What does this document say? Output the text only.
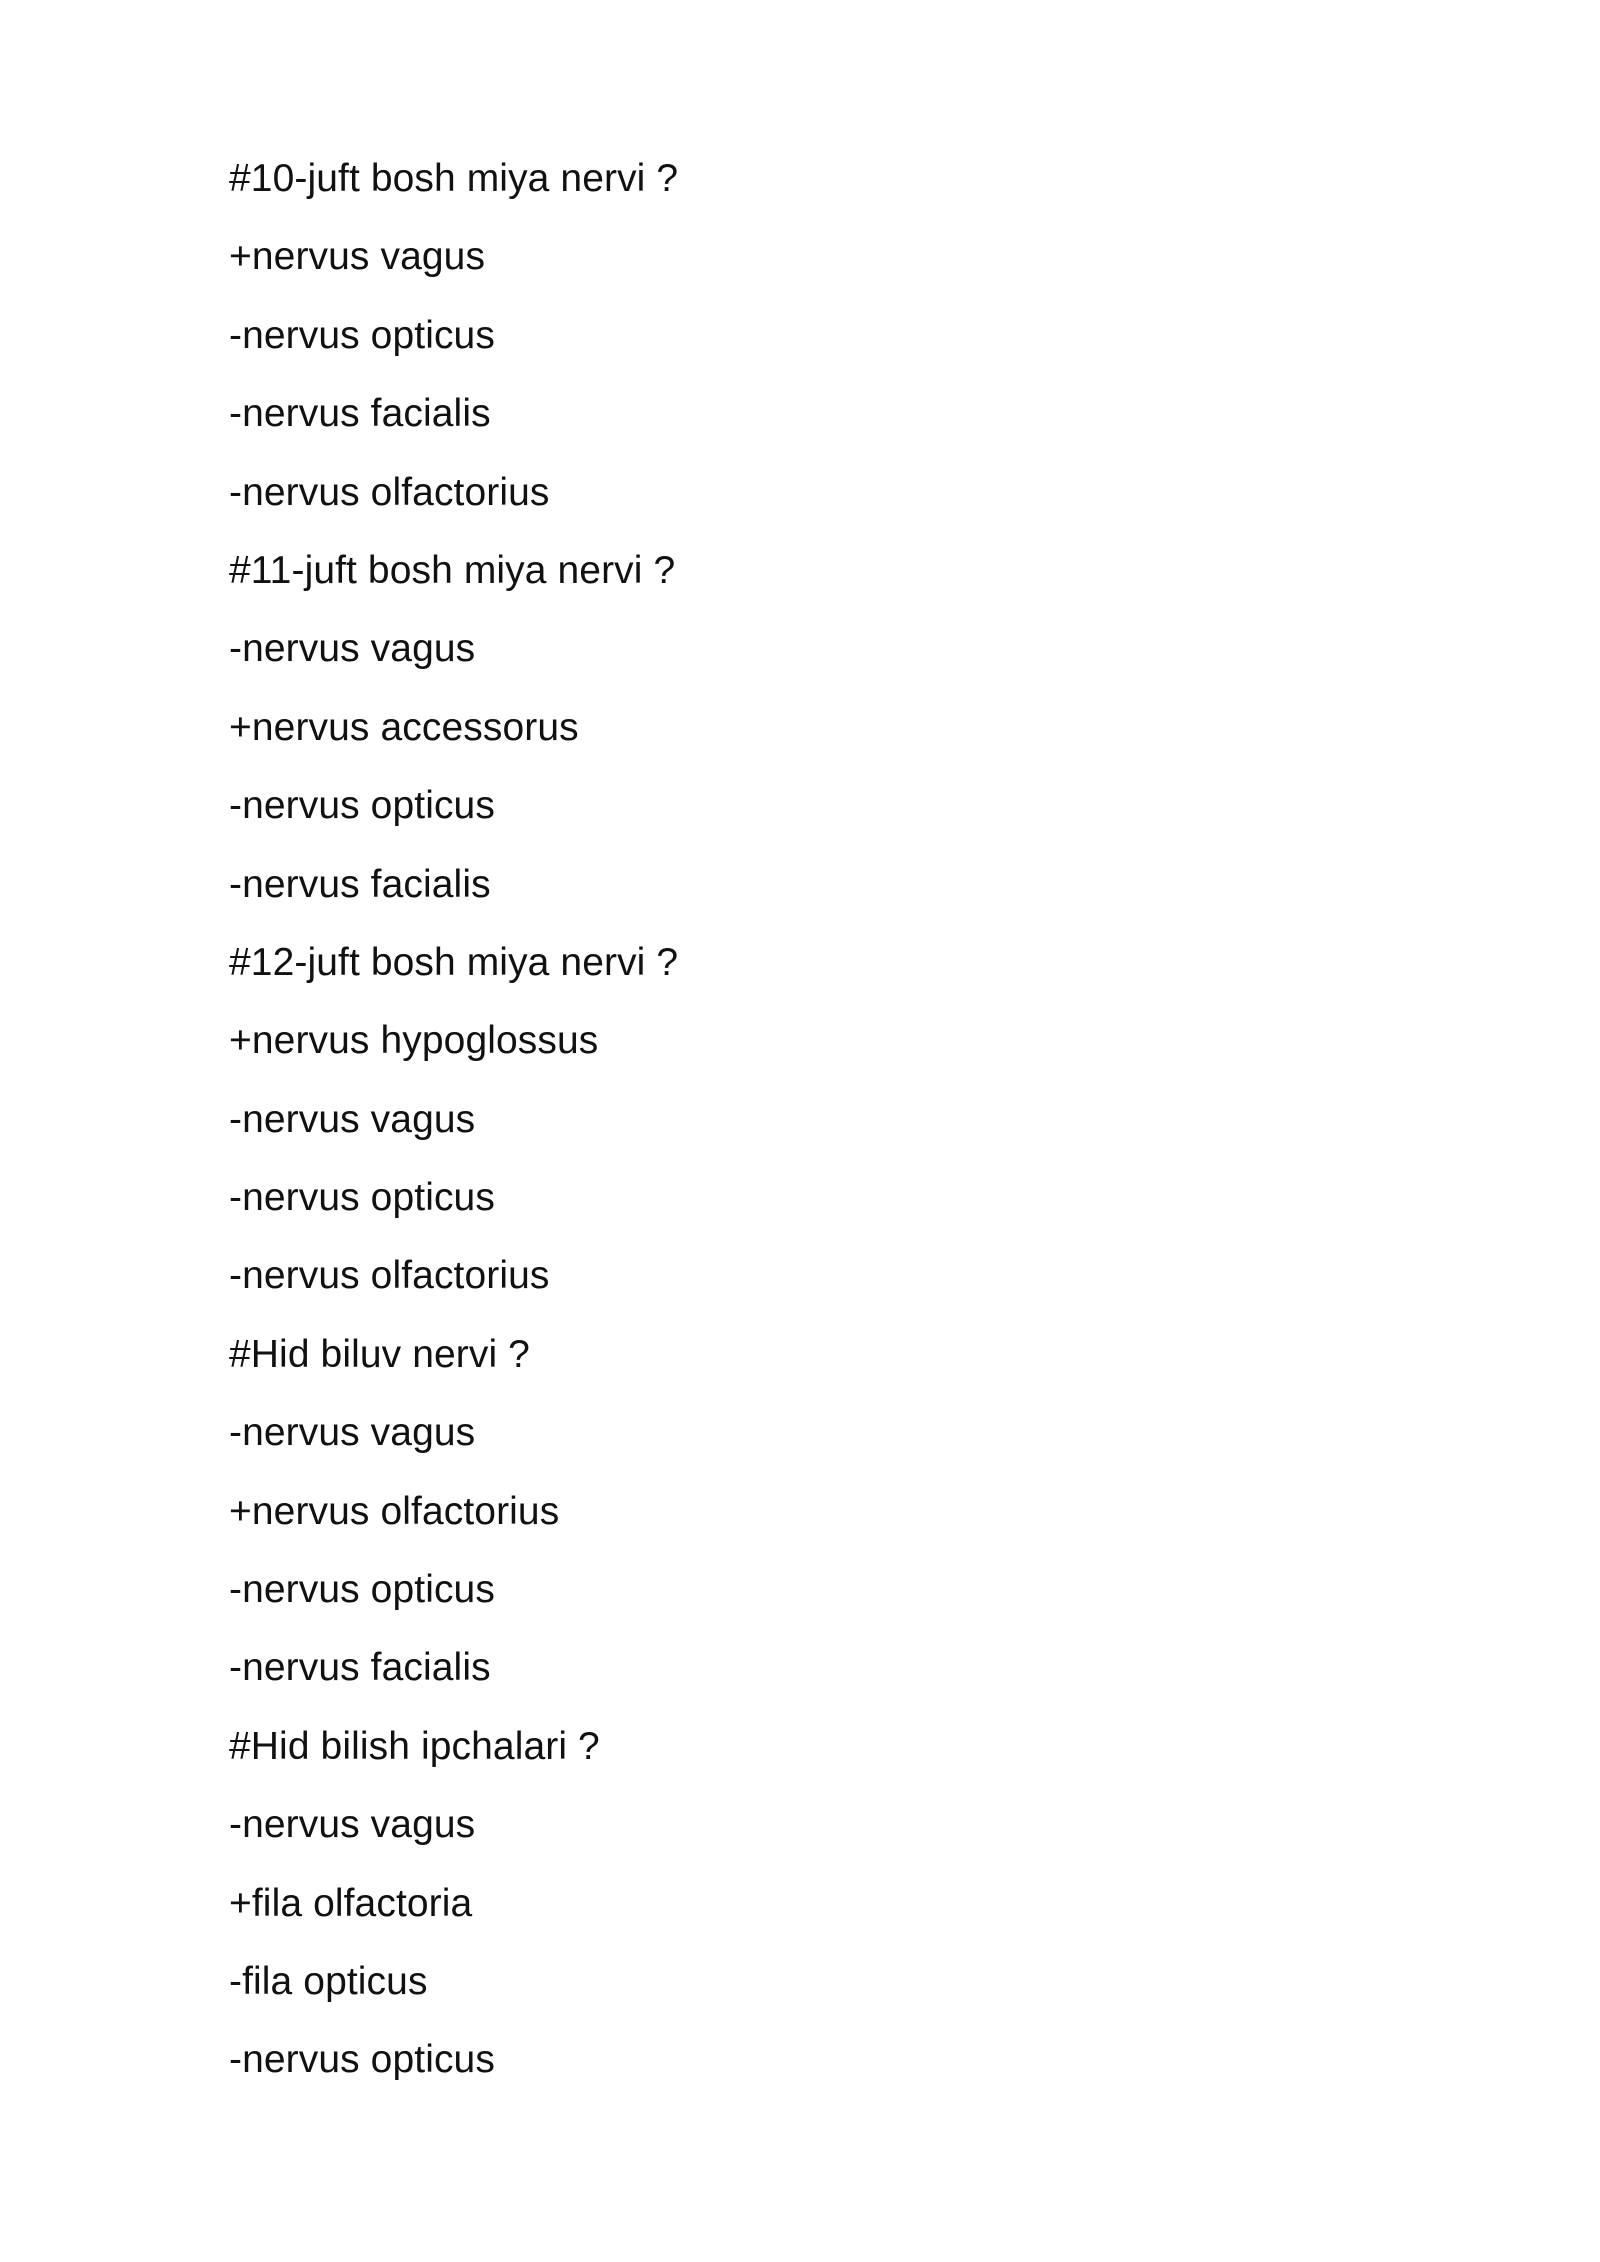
#10-juft bosh miya nervi ?
+nervus vagus
-nervus opticus
-nervus facialis
-nervus olfactorius
#11-juft bosh miya nervi ?
-nervus vagus
+nervus accessorus
-nervus opticus
-nervus facialis
#12-juft bosh miya nervi ?
+nervus hypoglossus
-nervus vagus
-nervus opticus
-nervus olfactorius
#Hid biluv nervi ?
-nervus vagus
+nervus olfactorius
-nervus opticus
-nervus facialis
#Hid bilish ipchalari ?
-nervus vagus
+fila olfactoria
-fila opticus
-nervus opticus
